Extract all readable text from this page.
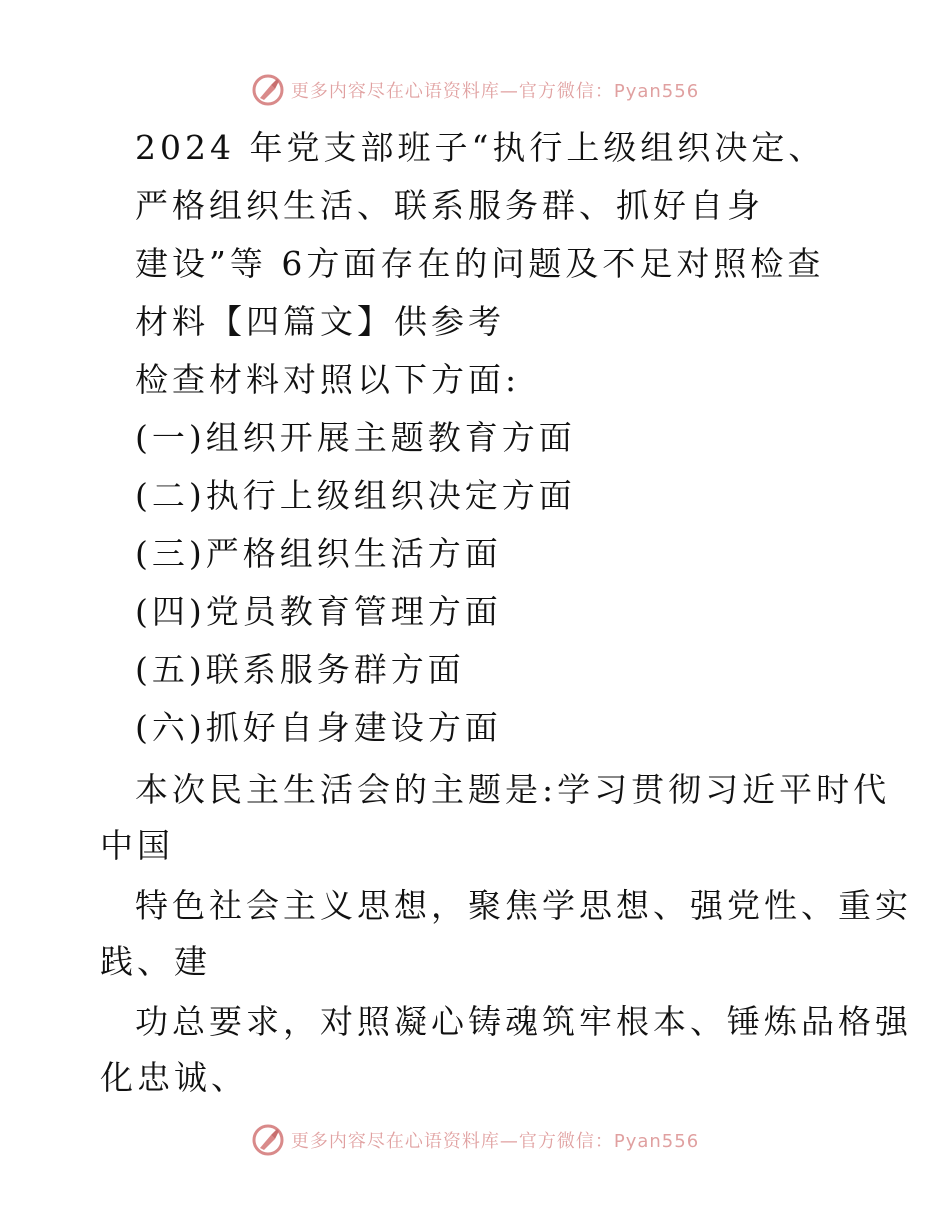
更多内容尽在心语资料库—官方微信：Pyan556
2024 年党支部班子“执行上级组织决定、
严格组织生活、联系服务群、抓好自身
建设”等 6方面存在的问题及不足对照检查
材料【四篇文】供参考
检查材料对照以下方面:
(一)组织开展主题教育方面
(二)执行上级组织决定方面
(三)严格组织生活方面
(四)党员教育管理方面
(五)联系服务群方面
(六)抓好自身建设方面
本次民主生活会的主题是:学习贯彻习近平时代
中国
特色社会主义思想，聚焦学思想、强党性、重实
践、建
功总要求，对照凝心铸魂筑牢根本、锤炼品格强
化忠诚、
更多内容尽在心语资料库—官方微信：Pyan556
